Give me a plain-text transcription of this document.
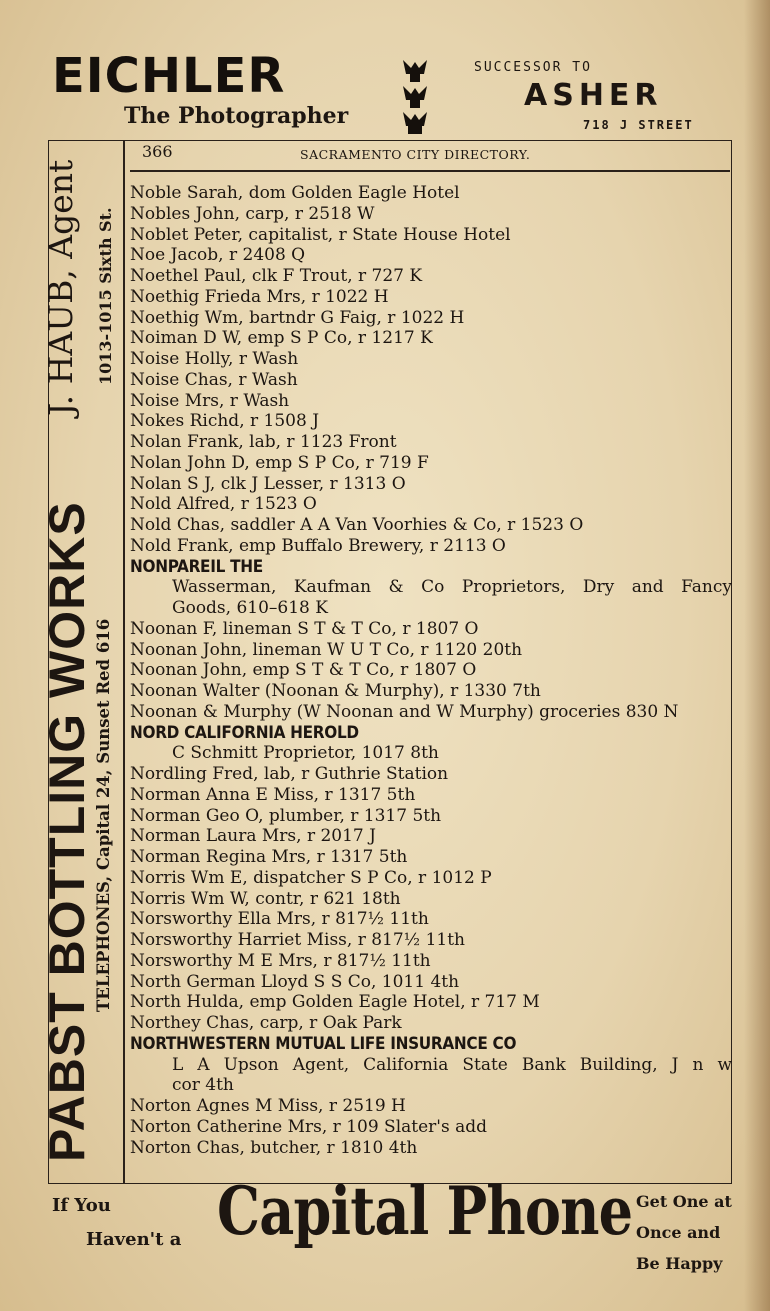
EICHLER
The Photographer
SUCCESSOR TO
ASHER
718 J STREET
PABST BOTTLING WORKS
J. HAUB, Agent
TELEPHONES, Capital 24, Sunset Red 616
1013-1015 Sixth St.
366	SACRAMENTO CITY DIRECTORY.
Noble Sarah, dom Golden Eagle Hotel
Nobles John, carp, r 2518 W
Noblet Peter, capitalist, r State House Hotel
Noe Jacob, r 2408 Q
Noethel Paul, clk F Trout, r 727 K
Noethig Frieda Mrs, r 1022 H
Noethig Wm, bartndr G Faig, r 1022 H
Noiman D W, emp S P Co, r 1217 K
Noise Holly, r Wash
Noise Chas, r Wash
Noise Mrs, r Wash
Nokes Richd, r 1508 J
Nolan Frank, lab, r 1123 Front
Nolan John D, emp S P Co, r 719 F
Nolan S J, clk J Lesser, r 1313 O
Nold Alfred, r 1523 O
Nold Chas, saddler A A Van Voorhies & Co, r 1523 O
Nold Frank, emp Buffalo Brewery, r 2113 O
NONPAREIL THE
Wasserman, Kaufman & Co Proprietors, Dry and Fancy
Goods, 610–618 K
Noonan F, lineman S T & T Co, r 1807 O
Noonan John, lineman W U T Co, r 1120 20th
Noonan John, emp S T & T Co, r 1807 O
Noonan Walter (Noonan & Murphy), r 1330 7th
Noonan & Murphy (W Noonan and W Murphy) groceries 830 N
NORD CALIFORNIA HEROLD
C Schmitt Proprietor, 1017 8th
Nordling Fred, lab, r Guthrie Station
Norman Anna E Miss, r 1317 5th
Norman Geo O, plumber, r 1317 5th
Norman Laura Mrs, r 2017 J
Norman Regina Mrs, r 1317 5th
Norris Wm E, dispatcher S P Co, r 1012 P
Norris Wm W, contr, r 621 18th
Norsworthy Ella Mrs, r 817½ 11th
Norsworthy Harriet Miss, r 817½ 11th
Norsworthy M E Mrs, r 817½ 11th
North German Lloyd S S Co, 1011 4th
North Hulda, emp Golden Eagle Hotel, r 717 M
Northey Chas, carp, r Oak Park
NORTHWESTERN MUTUAL LIFE INSURANCE CO
L A Upson Agent, California State Bank Building, J n w
cor 4th
Norton Agnes M Miss, r 2519 H
Norton Catherine Mrs, r 109 Slater's add
Norton Chas, butcher, r 1810 4th
If You
Haven't a Capital Phone Get One at
Once and
Be Happy
